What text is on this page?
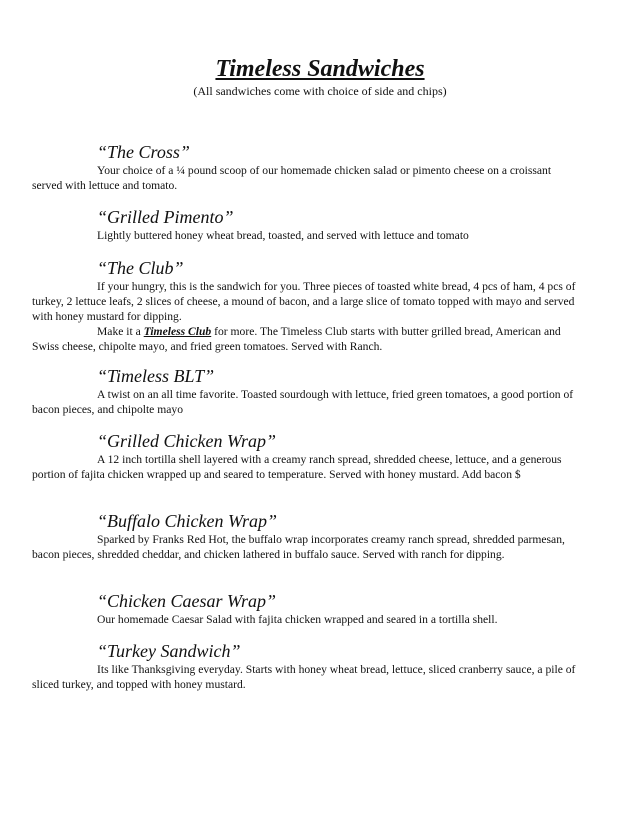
Timeless Sandwiches
(All sandwiches come with choice of side and chips)
“The Cross”

Your choice of a ¼ pound scoop of our homemade chicken salad or pimento cheese on a croissant served with lettuce and tomato.

“Grilled Pimento”

Lightly buttered honey wheat bread, toasted, and served with lettuce and tomato

“The Club”

If your hungry, this is the sandwich for you. Three pieces of toasted white bread, 4 pcs of ham, 4 pcs of turkey, 2 lettuce leafs, 2 slices of cheese, a mound of bacon, and a large slice of tomato topped with mayo and served with honey mustard for dipping.

Make it a Timeless Club for more. The Timeless Club starts with butter grilled bread, American and Swiss cheese, chipolte mayo, and fried green tomatoes. Served with Ranch.

“Timeless BLT”

A twist on an all time favorite. Toasted sourdough with lettuce, fried green tomatoes, a good portion of bacon pieces, and chipolte mayo

“Grilled Chicken Wrap”

A 12 inch tortilla shell layered with a creamy ranch spread, shredded cheese, lettuce, and a generous portion of fajita chicken wrapped up and seared to temperature. Served with honey mustard. Add bacon $

“Buffalo Chicken Wrap”

Sparked by Franks Red Hot, the buffalo wrap incorporates creamy ranch spread, shredded parmesan, bacon pieces, shredded cheddar, and chicken lathered in buffalo sauce. Served with ranch for dipping.

“Chicken Caesar Wrap”

Our homemade Caesar Salad with fajita chicken wrapped and seared in a tortilla shell.

“Turkey Sandwich”

Its like Thanksgiving everyday. Starts with honey wheat bread, lettuce, sliced cranberry sauce, a pile of sliced turkey, and topped with honey mustard.
